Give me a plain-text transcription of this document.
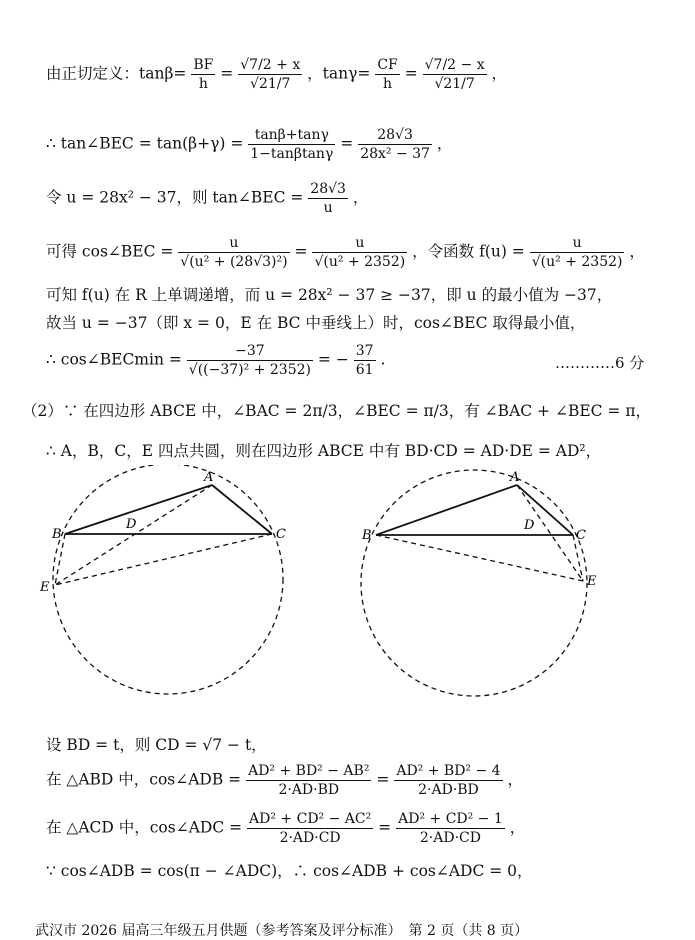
由正切定义：$\tan\beta= \frac{BF}{h} = \frac{√7/2 + x}{√21/7}$ ，$\tan\gamma= \frac{CF}{h} = \frac{√7/2 - x}{√21/7}$ ，
∴ tan∠BEC = $\tan(\beta+\gamma) = \frac{\tan\beta+\tan\gamma}{1-\tan\beta\tan\gamma} = \frac{28√3}{\text{28x² − 37}}$ ，
令 u = 28x² − 37，则 tan∠BEC = $\frac{28√3}{u}$ ，
可得 cos∠BEC = $\frac{u}{\text{√(u² + (28√3)²)}} = \frac{u}{\text{√(u² + 2352)}}$ ，令函数 $f(u) = \frac{u}{\text{√(u² + 2352)}}$ ，
可知 f(u) 在 R 上单调递增，而 u = 28x² − 37 ≥ −37，即 u 的最小值为 −37，
故当 u = −37（即 x = 0，E 在 BC 中垂线上）时，cos∠BEC 取得最小值，
∴ cos∠BECmin = $\frac{-37}{\text{√((−37)² + 2352)}}$ = − $\frac{37}{61}$ .	…………6 分
（2）∵ 在四边形 ABCE 中，∠BAC = 2π/3，∠BEC = π/3，有 ∠BAC + ∠BEC = π，
∴ A，B，C，E 四点共圆，则在四边形 ABCE 中有 BD·CD = AD·DE = AD²，
A
B	C
D
E
A
B	C
D
E
设 BD = t，则 CD = √7 − t，
在 △ABD 中，cos∠ADB = $\frac{\text{AD² + BD² − AB²}}{2\cdot AD\cdot BD} = \frac{\text{AD² + BD² − 4}}{2\cdot AD\cdot BD}$ ，
在 △ACD 中，cos∠ADC = $\frac{\text{AD² + CD² − AC²}}{2\cdot AD\cdot CD} = \frac{\text{AD² + CD² − 1}}{2\cdot AD\cdot CD}$ ，
∵ cos∠ADB = cos(π − ∠ADC)，∴ cos∠ADB + cos∠ADC = 0，
武汉市 2026 届高三年级五月供题（参考答案及评分标准）　第 2 页（共 8 页）
